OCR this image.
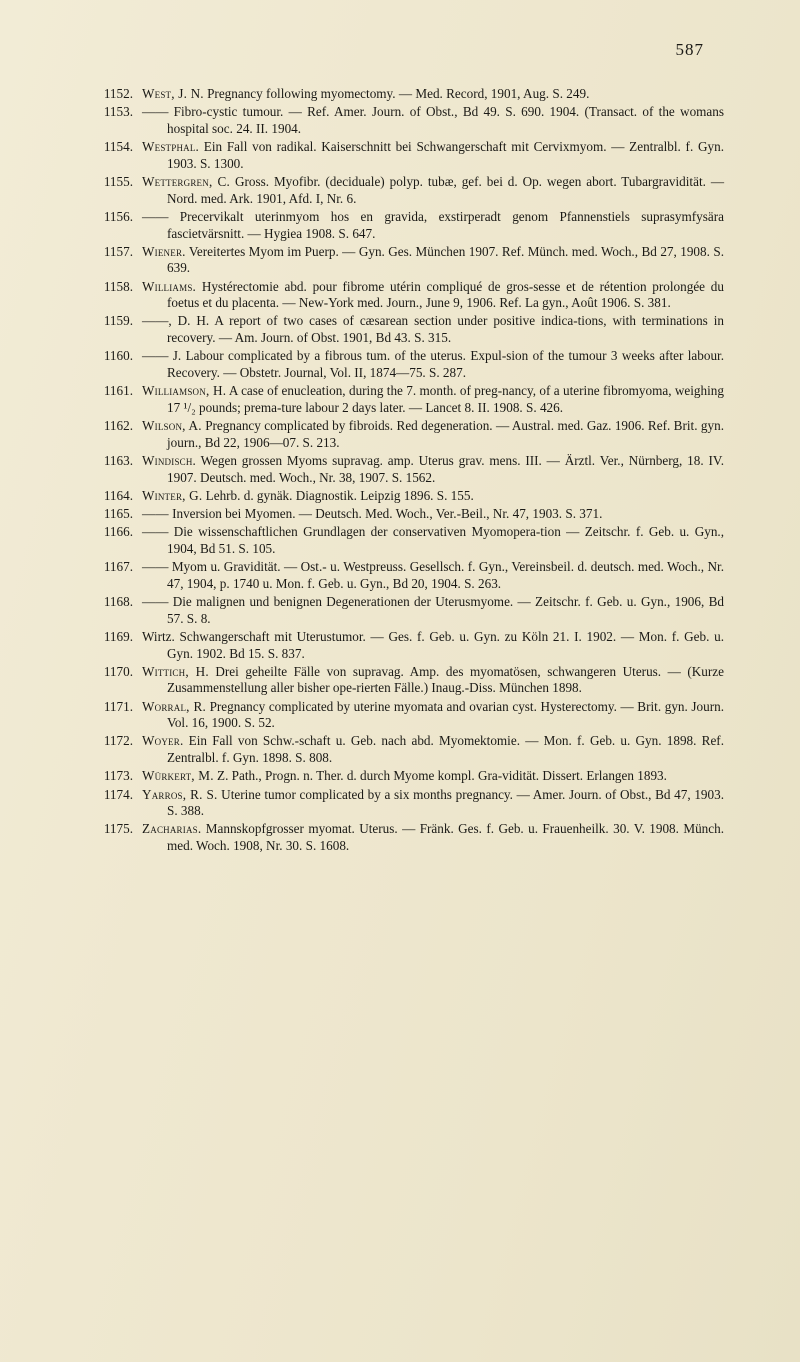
587
1152. West, J. N. Pregnancy following myomectomy. — Med. Record, 1901, Aug. S. 249.
1153. —— Fibro-cystic tumour. — Ref. Amer. Journ. of Obst., Bd 49. S. 690. 1904. (Transact. of the womans hospital soc. 24. II. 1904.
1154. Westphal. Ein Fall von radikal. Kaiserschnitt bei Schwangerschaft mit Cervixmyom. — Zentralbl. f. Gyn. 1903. S. 1300.
1155. Wettergren, C. Gross. Myofibr. (deciduale) polyp. tubæ, gef. bei d. Op. wegen abort. Tubargravidität. — Nord. med. Ark. 1901, Afd. I, Nr. 6.
1156. —— Precervikalt uterinmyom hos en gravida, exstirperadt genom Pfannenstiels suprasymfysära fascietvärsnitt. — Hygiea 1908. S. 647.
1157. Wiener. Vereitertes Myom im Puerp. — Gyn. Ges. München 1907. Ref. Münch. med. Woch., Bd 27, 1908. S. 639.
1158. Williams. Hystérectomie abd. pour fibrome utérin compliqué de gros-sesse et de rétention prolongée du foetus et du placenta. — New-York med. Journ., June 9, 1906. Ref. La gyn., Août 1906. S. 381.
1159. ——, D. H. A report of two cases of cæsarean section under positive indica-tions, with terminations in recovery. — Am. Journ. of Obst. 1901, Bd 43. S. 315.
1160. —— J. Labour complicated by a fibrous tum. of the uterus. Expul-sion of the tumour 3 weeks after labour. Recovery. — Obstetr. Journal, Vol. II, 1874—75. S. 287.
1161. Williamson, H. A case of enucleation, during the 7. month. of preg-nancy, of a uterine fibromyoma, weighing 17 ¹/₂ pounds; prema-ture labour 2 days later. — Lancet 8. II. 1908. S. 426.
1162. Wilson, A. Pregnancy complicated by fibroids. Red degeneration. — Austral. med. Gaz. 1906. Ref. Brit. gyn. journ., Bd 22, 1906—07. S. 213.
1163. Windisch. Wegen grossen Myoms supravag. amp. Uterus grav. mens. III. — Ärztl. Ver., Nürnberg, 18. IV. 1907. Deutsch. med. Woch., Nr. 38, 1907. S. 1562.
1164. Winter, G. Lehrb. d. gynäk. Diagnostik. Leipzig 1896. S. 155.
1165. —— Inversion bei Myomen. — Deutsch. Med. Woch., Ver.-Beil., Nr. 47, 1903. S. 371.
1166. —— Die wissenschaftlichen Grundlagen der conservativen Myomopera-tion — Zeitschr. f. Geb. u. Gyn., 1904, Bd 51. S. 105.
1167. —— Myom u. Gravidität. — Ost.- u. Westpreuss. Gesellsch. f. Gyn., Vereinsbeil. d. deutsch. med. Woch., Nr. 47, 1904, p. 1740 u. Mon. f. Geb. u. Gyn., Bd 20, 1904. S. 263.
1168. —— Die malignen und benignen Degenerationen der Uterusmyome. — Zeitschr. f. Geb. u. Gyn., 1906, Bd 57. S. 8.
1169. Wirtz. Schwangerschaft mit Uterustumor. — Ges. f. Geb. u. Gyn. zu Köln 21. I. 1902. — Mon. f. Geb. u. Gyn. 1902. Bd 15. S. 837.
1170. Wittich, H. Drei geheilte Fälle von supravag. Amp. des myomatösen, schwangeren Uterus. — (Kurze Zusammenstellung aller bisher ope-rierten Fälle.) Inaug.-Diss. München 1898.
1171. Worral, R. Pregnancy complicated by uterine myomata and ovarian cyst. Hysterectomy. — Brit. gyn. Journ. Vol. 16, 1900. S. 52.
1172. Woyer. Ein Fall von Schw.-schaft u. Geb. nach abd. Myomektomie. — Mon. f. Geb. u. Gyn. 1898. Ref. Zentralbl. f. Gyn. 1898. S. 808.
1173. Würkert, M. Z. Path., Progn. n. Ther. d. durch Myome kompl. Gra-vidität. Dissert. Erlangen 1893.
1174. Yarros, R. S. Uterine tumor complicated by a six months pregnancy. — Amer. Journ. of Obst., Bd 47, 1903. S. 388.
1175. Zacharias. Mannskopfgrosser myomat. Uterus. — Fränk. Ges. f. Geb. u. Frauenheilk. 30. V. 1908. Münch. med. Woch. 1908, Nr. 30. S. 1608.
